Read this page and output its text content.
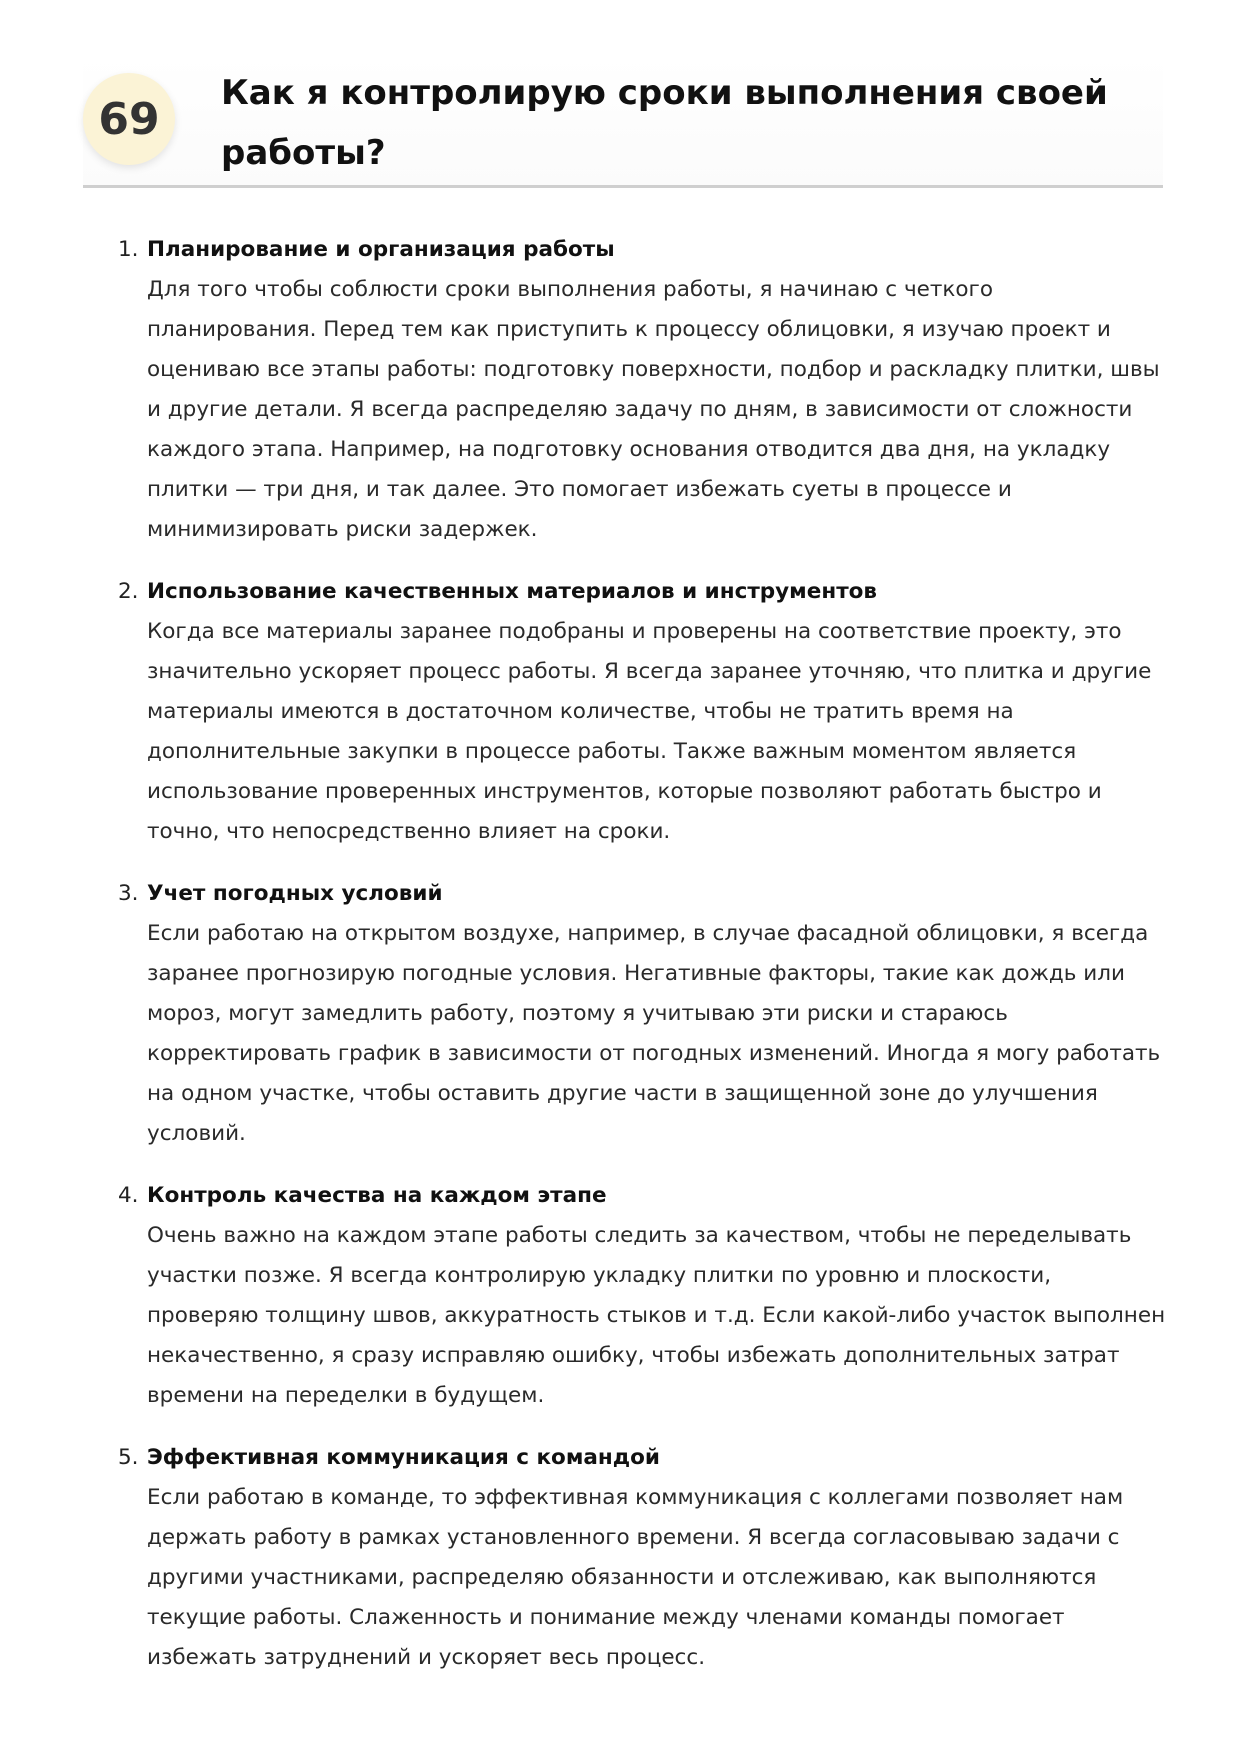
69
Как я контролирую сроки выполнения своей работы?
1. Планирование и организация работы
Для того чтобы соблюсти сроки выполнения работы, я начинаю с четкого планирования. Перед тем как приступить к процессу облицовки, я изучаю проект и оцениваю все этапы работы: подготовку поверхности, подбор и раскладку плитки, швы и другие детали. Я всегда распределяю задачу по дням, в зависимости от сложности каждого этапа. Например, на подготовку основания отводится два дня, на укладку плитки — три дня, и так далее. Это помогает избежать суеты в процессе и минимизировать риски задержек.
2. Использование качественных материалов и инструментов
Когда все материалы заранее подобраны и проверены на соответствие проекту, это значительно ускоряет процесс работы. Я всегда заранее уточняю, что плитка и другие материалы имеются в достаточном количестве, чтобы не тратить время на дополнительные закупки в процессе работы. Также важным моментом является использование проверенных инструментов, которые позволяют работать быстро и точно, что непосредственно влияет на сроки.
3. Учет погодных условий
Если работаю на открытом воздухе, например, в случае фасадной облицовки, я всегда заранее прогнозирую погодные условия. Негативные факторы, такие как дождь или мороз, могут замедлить работу, поэтому я учитываю эти риски и стараюсь корректировать график в зависимости от погодных изменений. Иногда я могу работать на одном участке, чтобы оставить другие части в защищенной зоне до улучшения условий.
4. Контроль качества на каждом этапе
Очень важно на каждом этапе работы следить за качеством, чтобы не переделывать участки позже. Я всегда контролирую укладку плитки по уровню и плоскости, проверяю толщину швов, аккуратность стыков и т.д. Если какой-либо участок выполнен некачественно, я сразу исправляю ошибку, чтобы избежать дополнительных затрат времени на переделки в будущем.
5. Эффективная коммуникация с командой
Если работаю в команде, то эффективная коммуникация с коллегами позволяет нам держать работу в рамках установленного времени. Я всегда согласовываю задачи с другими участниками, распределяю обязанности и отслеживаю, как выполняются текущие работы. Слаженность и понимание между членами команды помогает избежать затруднений и ускоряет весь процесс.
